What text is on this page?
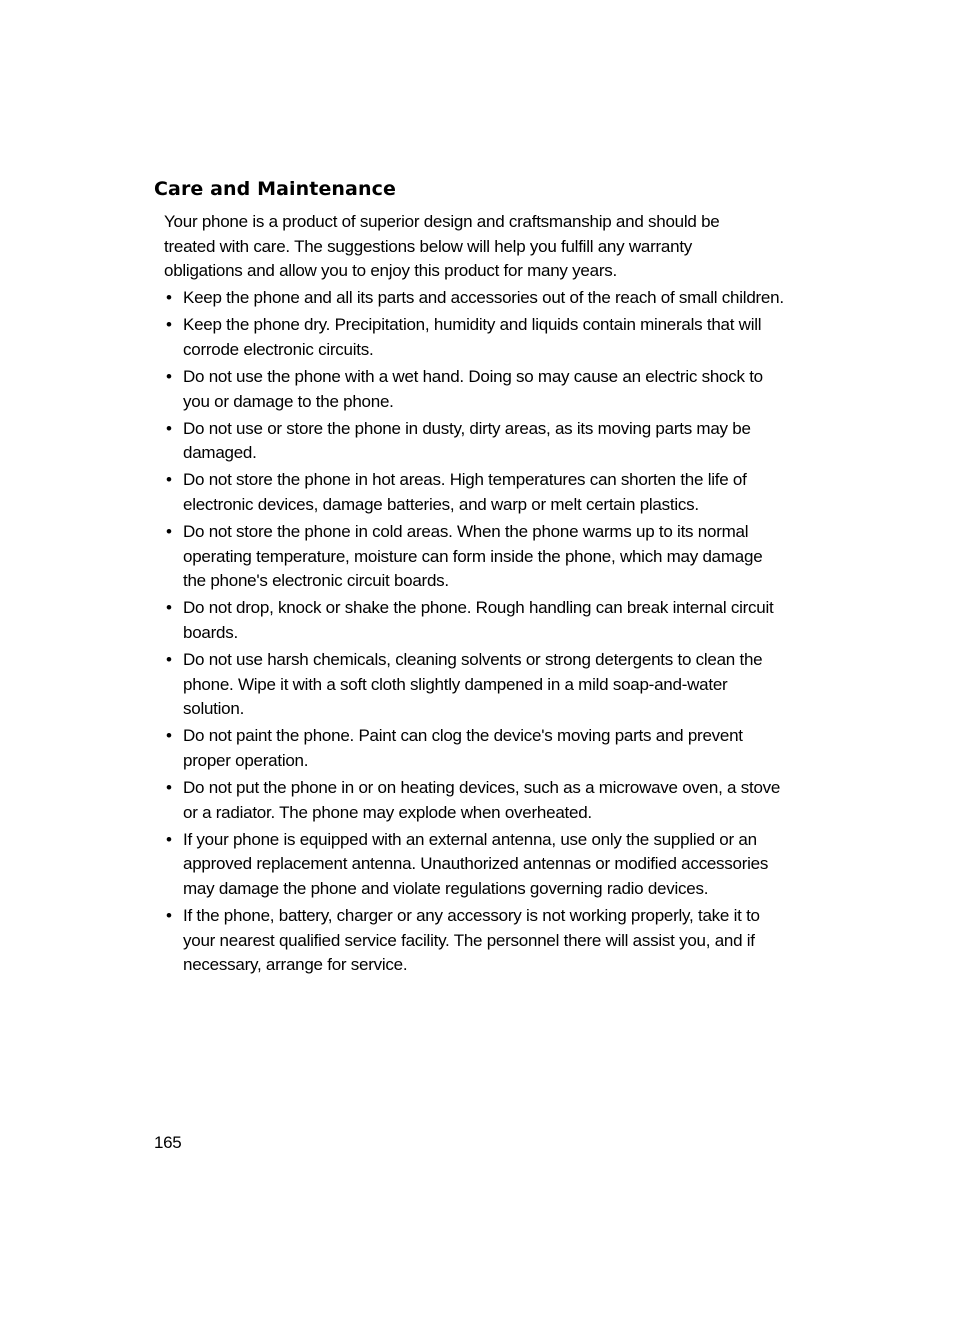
Care and Maintenance

Your phone is a product of superior design and craftsmanship and should be treated with care. The suggestions below will help you fulfill any warranty obligations and allow you to enjoy this product for many years.

• Keep the phone and all its parts and accessories out of the reach of small children.
• Keep the phone dry. Precipitation, humidity and liquids contain minerals that will corrode electronic circuits.
• Do not use the phone with a wet hand. Doing so may cause an electric shock to you or damage to the phone.
• Do not use or store the phone in dusty, dirty areas, as its moving parts may be damaged.
• Do not store the phone in hot areas. High temperatures can shorten the life of electronic devices, damage batteries, and warp or melt certain plastics.
• Do not store the phone in cold areas. When the phone warms up to its normal operating temperature, moisture can form inside the phone, which may damage the phone's electronic circuit boards.
• Do not drop, knock or shake the phone. Rough handling can break internal circuit boards.
• Do not use harsh chemicals, cleaning solvents or strong detergents to clean the phone. Wipe it with a soft cloth slightly dampened in a mild soap-and-water solution.
• Do not paint the phone. Paint can clog the device's moving parts and prevent proper operation.
• Do not put the phone in or on heating devices, such as a microwave oven, a stove or a radiator. The phone may explode when overheated.
• If your phone is equipped with an external antenna, use only the supplied or an approved replacement antenna. Unauthorized antennas or modified accessories may damage the phone and violate regulations governing radio devices.
• If the phone, battery, charger or any accessory is not working properly, take it to your nearest qualified service facility. The personnel there will assist you, and if necessary, arrange for service.
165
